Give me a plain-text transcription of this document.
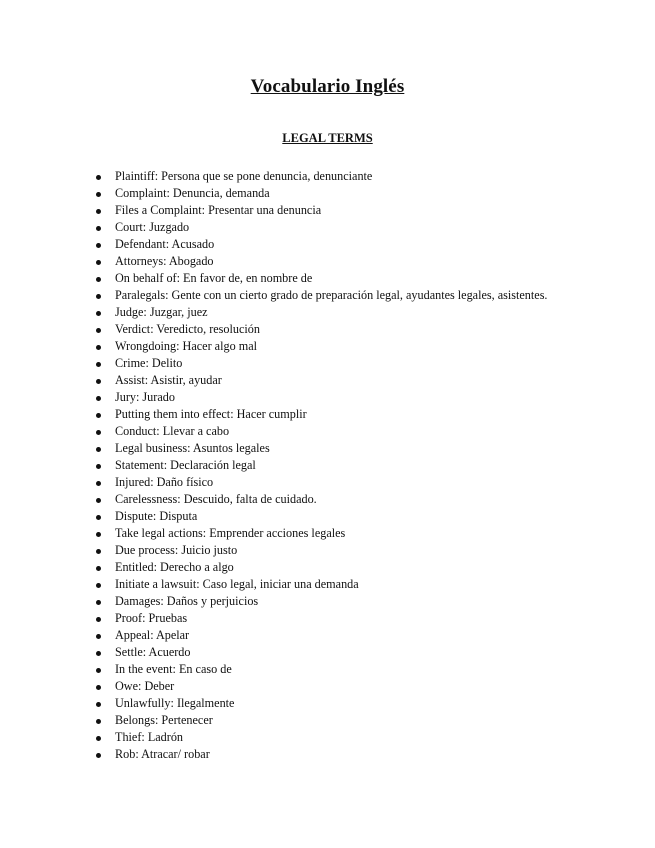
Vocabulario Inglés
LEGAL TERMS
Plaintiff: Persona que se pone denuncia, denunciante
Complaint: Denuncia, demanda
Files a Complaint: Presentar una denuncia
Court: Juzgado
Defendant: Acusado
Attorneys: Abogado
On behalf of: En favor de, en nombre de
Paralegals: Gente con un cierto grado de preparación legal, ayudantes legales, asistentes.
Judge: Juzgar, juez
Verdict: Veredicto, resolución
Wrongdoing: Hacer algo mal
Crime: Delito
Assist: Asistir, ayudar
Jury: Jurado
Putting them into effect: Hacer cumplir
Conduct: Llevar a cabo
Legal business: Asuntos legales
Statement: Declaración legal
Injured: Daño físico
Carelessness: Descuido, falta de cuidado.
Dispute: Disputa
Take legal actions: Emprender acciones legales
Due process: Juicio justo
Entitled: Derecho a algo
Initiate a lawsuit: Caso legal, iniciar una demanda
Damages: Daños y perjuicios
Proof: Pruebas
Appeal: Apelar
Settle: Acuerdo
In the event: En caso de
Owe: Deber
Unlawfully: Ilegalmente
Belongs: Pertenecer
Thief: Ladrón
Rob: Atracar/ robar
